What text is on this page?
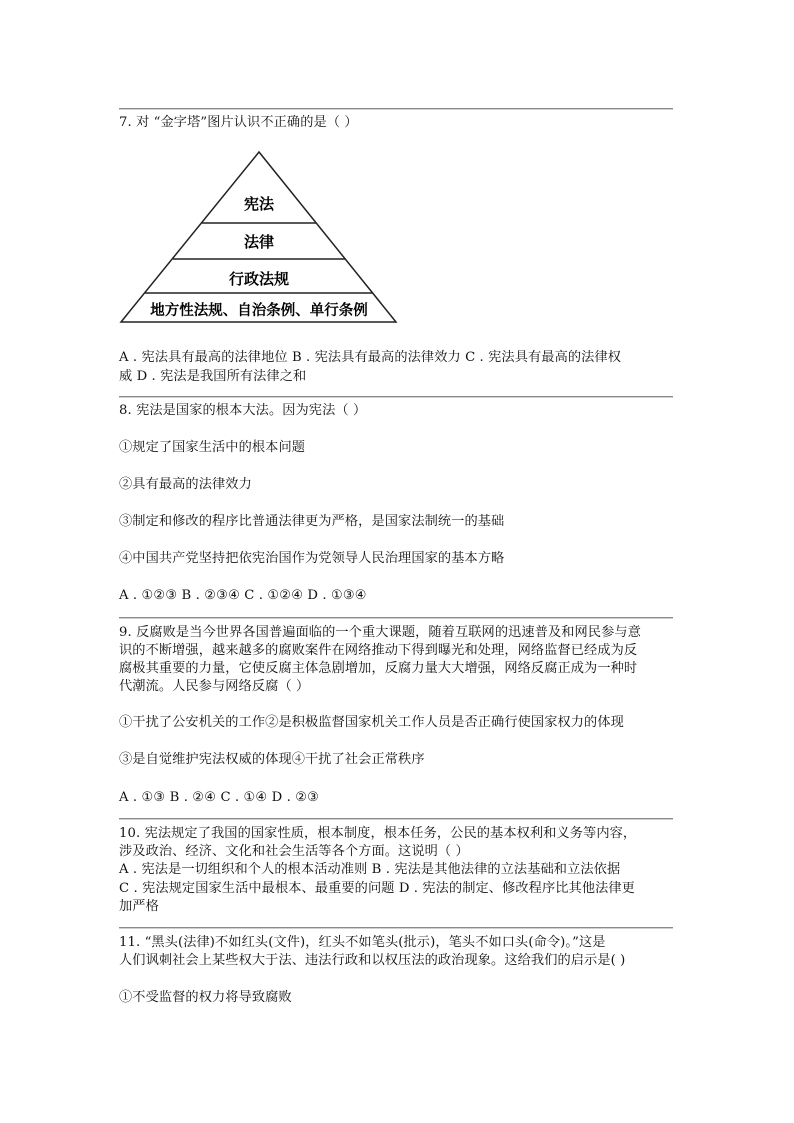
7. 对 “金字塔”图片认识不正确的是（ ）
宪法
法律
行政法规
地方性法规、自治条例、单行条例
A . 宪法具有最高的法律地位 B . 宪法具有最高的法律效力 C . 宪法具有最高的法律权
威 D . 宪法是我国所有法律之和
8. 宪法是国家的根本大法。因为宪法（ ）
①规定了国家生活中的根本问题
②具有最高的法律效力
③制定和修改的程序比普通法律更为严格，是国家法制统一的基础
④中国共产党坚持把依宪治国作为党领导人民治理国家的基本方略
A . ①②③ B . ②③④ C . ①②④ D . ①③④
9. 反腐败是当今世界各国普遍面临的一个重大课题，随着互联网的迅速普及和网民参与意
识的不断增强，越来越多的腐败案件在网络推动下得到曝光和处理，网络监督已经成为反
腐极其重要的力量，它使反腐主体急剧增加，反腐力量大大增强，网络反腐正成为一种时
代潮流。人民参与网络反腐（ ）
①干扰了公安机关的工作②是积极监督国家机关工作人员是否正确行使国家权力的体现
③是自觉维护宪法权威的体现④干扰了社会正常秩序
A . ①③ B . ②④ C . ①④ D . ②③
10. 宪法规定了我国的国家性质，根本制度，根本任务，公民的基本权利和义务等内容，
涉及政治、经济、文化和社会生活等各个方面。这说明（ ）
A . 宪法是一切组织和个人的根本活动准则 B . 宪法是其他法律的立法基础和立法依据
C . 宪法规定国家生活中最根本、最重要的问题 D . 宪法的制定、修改程序比其他法律更
加严格
11. “黑头(法律)不如红头(文件)，红头不如笔头(批示)，笔头不如口头(命令)。”这是
人们讽刺社会上某些权大于法、违法行政和以权压法的政治现象。这给我们的启示是( )
①不受监督的权力将导致腐败
